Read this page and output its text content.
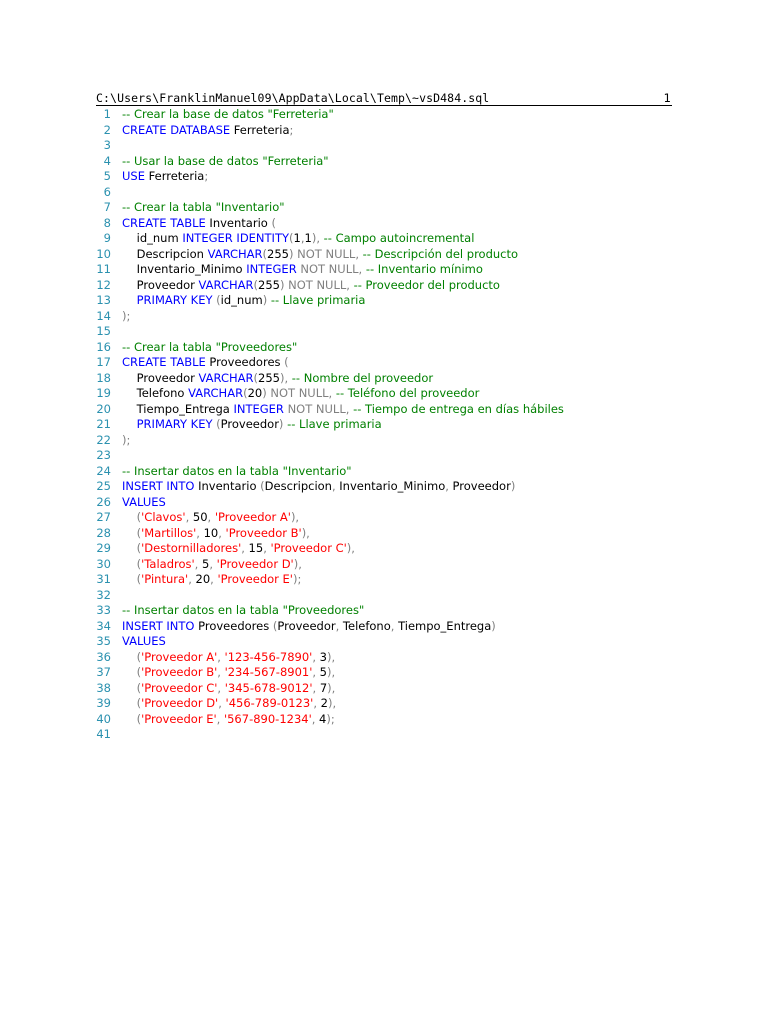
C:\Users\FranklinManuel09\AppData\Local\Temp\~vsD484.sql	1
1 -- Crear la base de datos "Ferreteria"
2 CREATE DATABASE Ferreteria;
3
4 -- Usar la base de datos "Ferreteria"
5 USE Ferreteria;
6
7 -- Crear la tabla "Inventario"
8 CREATE TABLE Inventario (
9 id_num INTEGER IDENTITY(1,1), -- Campo autoincremental
10 Descripcion VARCHAR(255) NOT NULL, -- Descripción del producto
11 Inventario_Minimo INTEGER NOT NULL, -- Inventario mínimo
12 Proveedor VARCHAR(255) NOT NULL, -- Proveedor del producto
13	PRIMARY KEY (id_num) -- Llave primaria
14 );
15
16 -- Crear la tabla "Proveedores"
17 CREATE TABLE Proveedores (
18 Proveedor VARCHAR(255), -- Nombre del proveedor
19 Telefono VARCHAR(20) NOT NULL, -- Teléfono del proveedor
20 Tiempo_Entrega INTEGER NOT NULL, -- Tiempo de entrega en días hábiles
21	PRIMARY KEY (Proveedor) -- Llave primaria
22 );
23
24 -- Insertar datos en la tabla "Inventario"
25 INSERT INTO Inventario (Descripcion, Inventario_Minimo, Proveedor)
26 VALUES
27	('Clavos', 50, 'Proveedor A'),
28	('Martillos', 10, 'Proveedor B'),
29	('Destornilladores', 15, 'Proveedor C'),
30	('Taladros', 5, 'Proveedor D'),
31	('Pintura', 20, 'Proveedor E');
32
33 -- Insertar datos en la tabla "Proveedores"
34 INSERT INTO Proveedores (Proveedor, Telefono, Tiempo_Entrega)
35 VALUES
36	('Proveedor A', '123-456-7890', 3),
37	('Proveedor B', '234-567-8901', 5),
38	('Proveedor C', '345-678-9012', 7),
39	('Proveedor D', '456-789-0123', 2),
40	('Proveedor E', '567-890-1234', 4);
41
